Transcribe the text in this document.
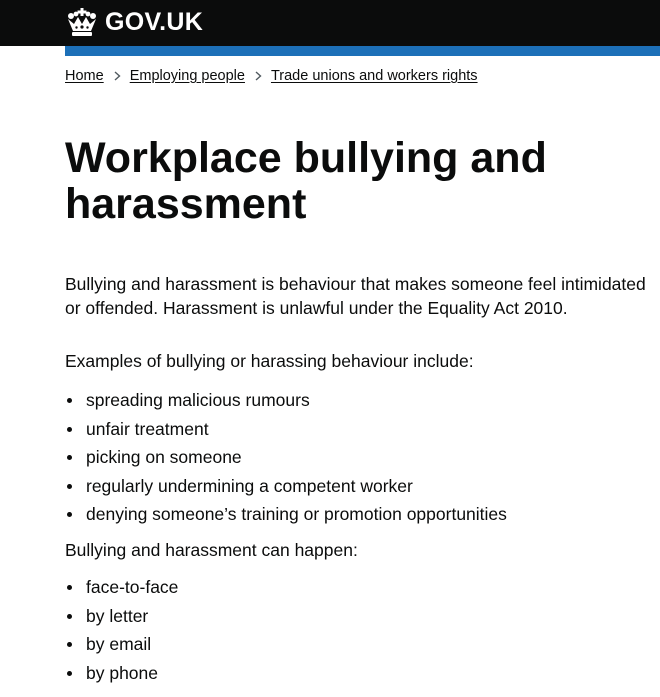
GOV.UK
Home Employing people Trade unions and workers rights
Workplace bullying and harassment

Bullying and harassment is behaviour that makes someone feel intimidated

or offended. Harassment is unlawful under the Equality Act 2010.

Examples of bullying or harassing behaviour include:

spreading malicious rumours
unfair treatment
picking on someone
regularly undermining a competent worker
denying someone’s training or promotion opportunities

Bullying and harassment can happen:

face-to-face
by letter
by email
by phone
